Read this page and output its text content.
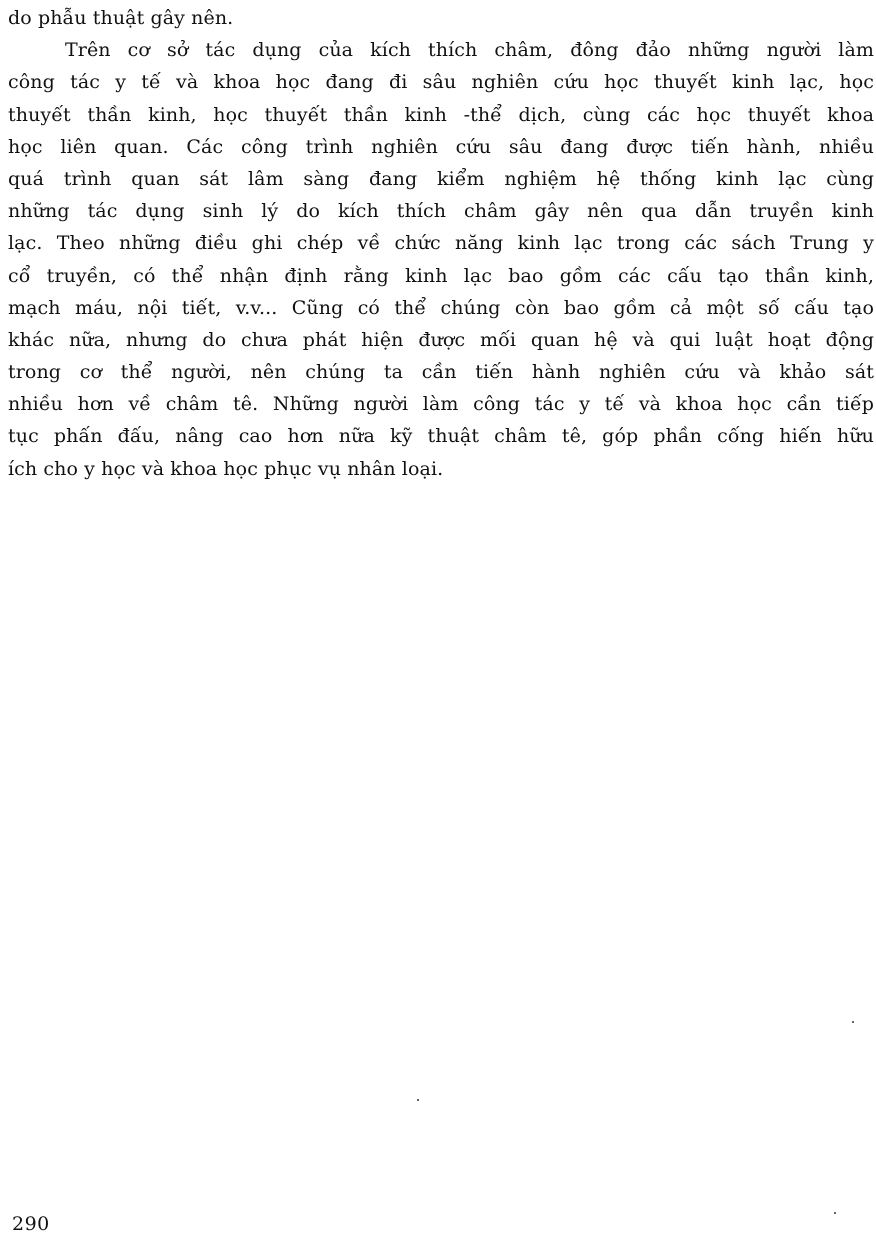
do phẫu thuật gây nên.
Trên cơ sở tác dụng của kích thích châm, đông đảo những người làm
công tác y tế và khoa học đang đi sâu nghiên cứu học thuyết kinh lạc, học
thuyết thần kinh, học thuyết thần kinh -thể dịch, cùng các học thuyết khoa
học liên quan. Các công trình nghiên cứu sâu đang được tiến hành, nhiều
quá trình quan sát lâm sàng đang kiểm nghiệm hệ thống kinh lạc cùng
những tác dụng sinh lý do kích thích châm gây nên qua dẫn truyền kinh
lạc. Theo những điều ghi chép về chức năng kinh lạc trong các sách Trung y
cổ truyền, có thể nhận định rằng kinh lạc bao gồm các cấu tạo thần kinh,
mạch máu, nội tiết, v.v... Cũng có thể chúng còn bao gồm cả một số cấu tạo
khác nữa, nhưng do chưa phát hiện được mối quan hệ và qui luật hoạt động
trong cơ thể người, nên chúng ta cần tiến hành nghiên cứu và khảo sát
nhiều hơn về châm tê. Những người làm công tác y tế và khoa học cần tiếp
tục phấn đấu, nâng cao hơn nữa kỹ thuật châm tê, góp phần cống hiến hữu
ích cho y học và khoa học phục vụ nhân loại.
290
